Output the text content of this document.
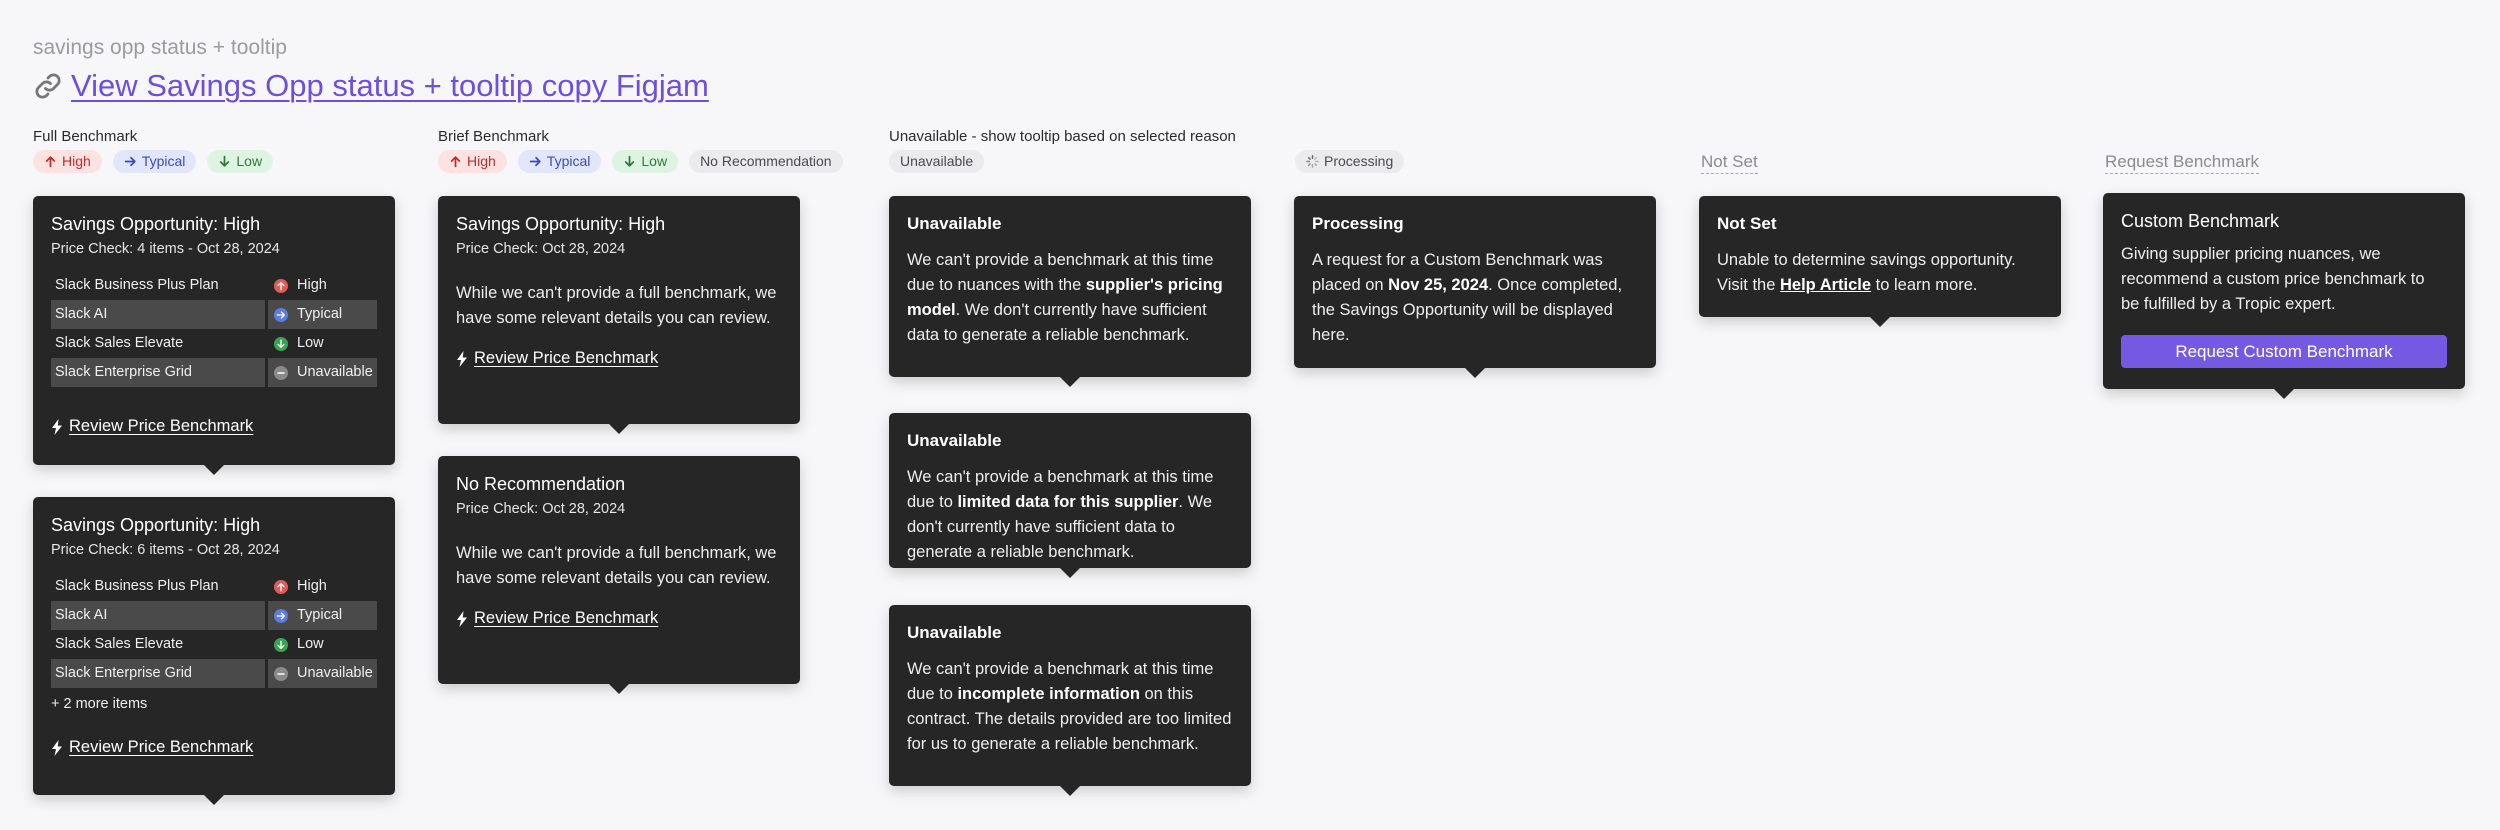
savings opp status + tooltip
View Savings Opp status + tooltip copy Figjam
Full Benchmark
High	Typical	Low
Savings Opportunity: High
Price Check: 4 items - Oct 28, 2024
Slack Business Plus Plan	High
Slack AI	Typical
Slack Sales Elevate	Low
Slack Enterprise Grid	Unavailable
Review Price Benchmark
Savings Opportunity: High
Price Check: 6 items - Oct 28, 2024
Slack Business Plus Plan	High
Slack AI	Typical
Slack Sales Elevate	Low
Slack Enterprise Grid	Unavailable
+ 2 more items
Review Price Benchmark
Brief Benchmark
High	Typical	Low No Recommendation
Savings Opportunity: High
Price Check: Oct 28, 2024

While we can't provide a full benchmark, we have some relevant details you can review.

Review Price Benchmark
No Recommendation
Price Check: Oct 28, 2024

While we can't provide a full benchmark, we have some relevant details you can review.

Review Price Benchmark
Unavailable - show tooltip based on selected reason
Unavailable
Unavailable

We can't provide a benchmark at this time due to nuances with the supplier's pricing model. We don't currently have sufficient data to generate a reliable benchmark.

Unavailable

We can't provide a benchmark at this time due to limited data for this supplier. We don't currently have sufficient data to generate a reliable benchmark.

Unavailable

We can't provide a benchmark at this time due to incomplete information on this contract. The details provided are too limited for us to generate a reliable benchmark.

Processing
Processing

A request for a Custom Benchmark was placed on Nov 25, 2024. Once completed, the Savings Opportunity will be displayed here.

Not Set
Not Set

Unable to determine savings opportunity. Visit the Help Article to learn more.

Request Benchmark
Custom Benchmark

Giving supplier pricing nuances, we recommend a custom price benchmark to be fulfilled by a Tropic expert.

Request Custom Benchmark
